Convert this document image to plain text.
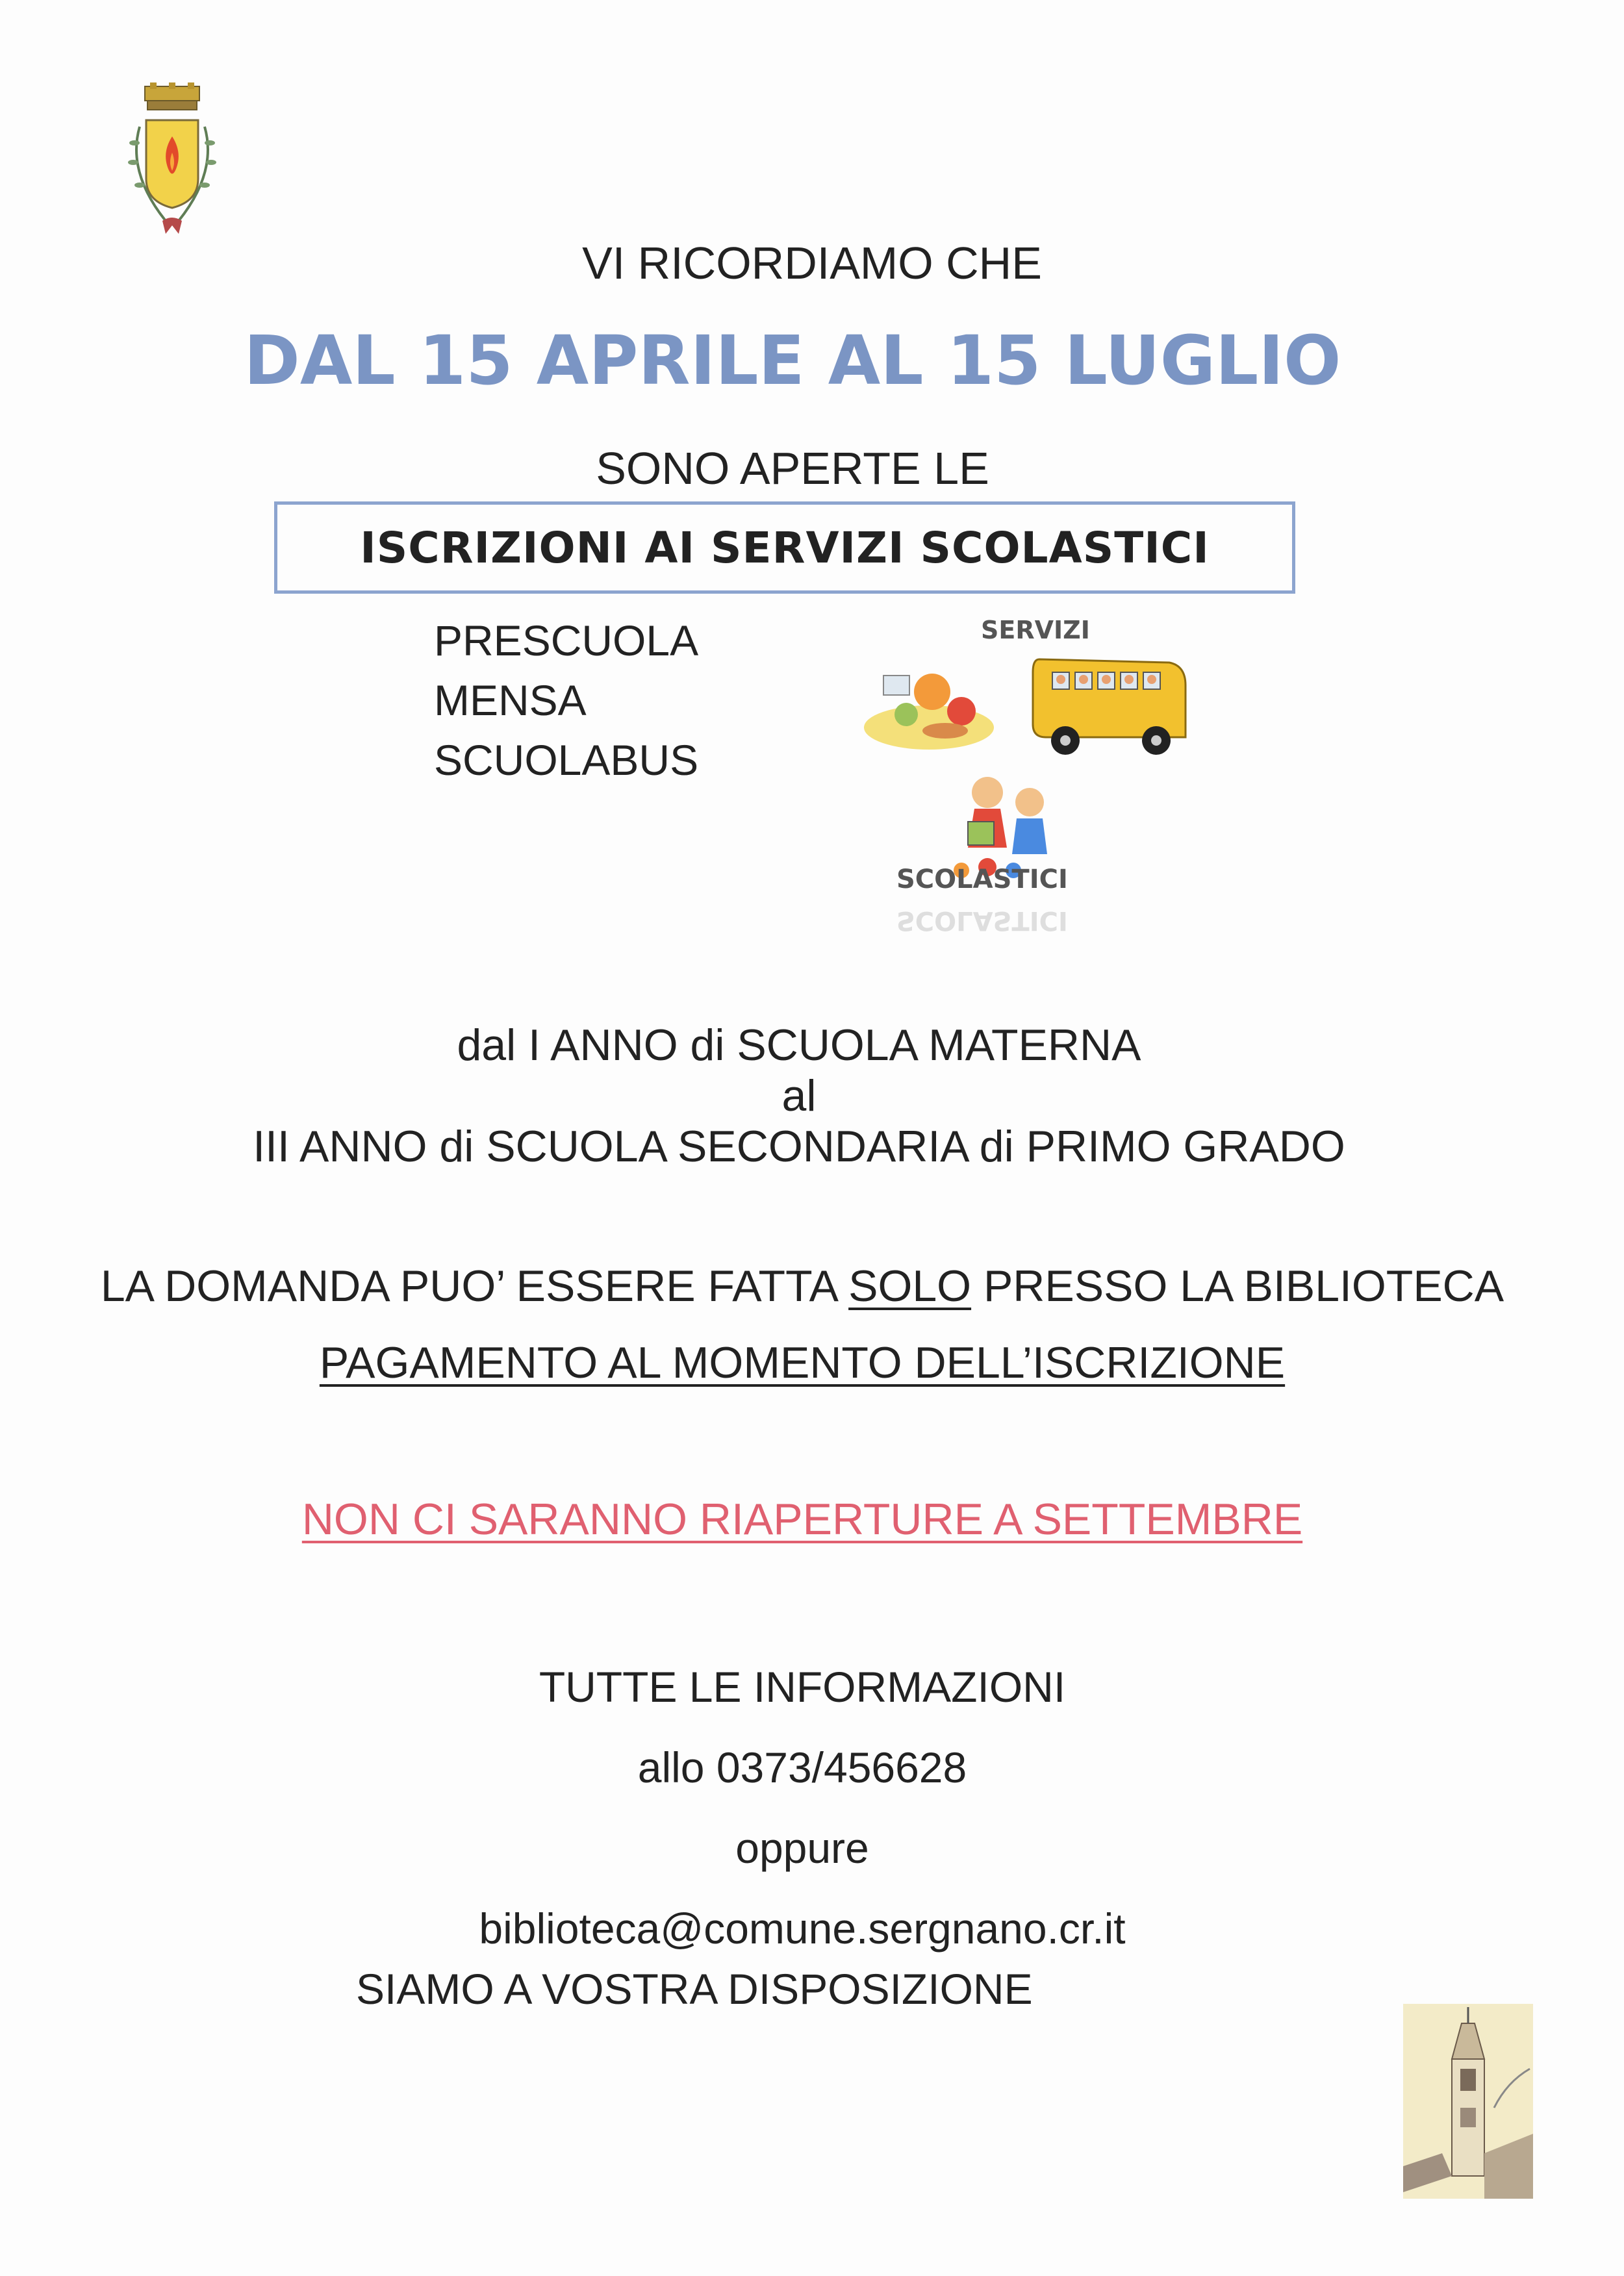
VI RICORDIAMO CHE
DAL 15 APRILE AL 15 LUGLIO
SONO APERTE LE
ISCRIZIONI AI SERVIZI SCOLASTICI
PRESCUOLA
MENSA
SCUOLABUS
SERVIZI
SCOLASTICI
SCOLASTICI
dal I ANNO di SCUOLA MATERNA
al
III ANNO di SCUOLA SECONDARIA di PRIMO GRADO
LA DOMANDA PUO’ ESSERE FATTA SOLO PRESSO LA BIBLIOTECA
PAGAMENTO AL MOMENTO DELL’ISCRIZIONE
NON CI SARANNO RIAPERTURE A SETTEMBRE
TUTTE LE INFORMAZIONI
allo 0373/456628
oppure
biblioteca@comune.sergnano.cr.it
SIAMO A VOSTRA DISPOSIZIONE
